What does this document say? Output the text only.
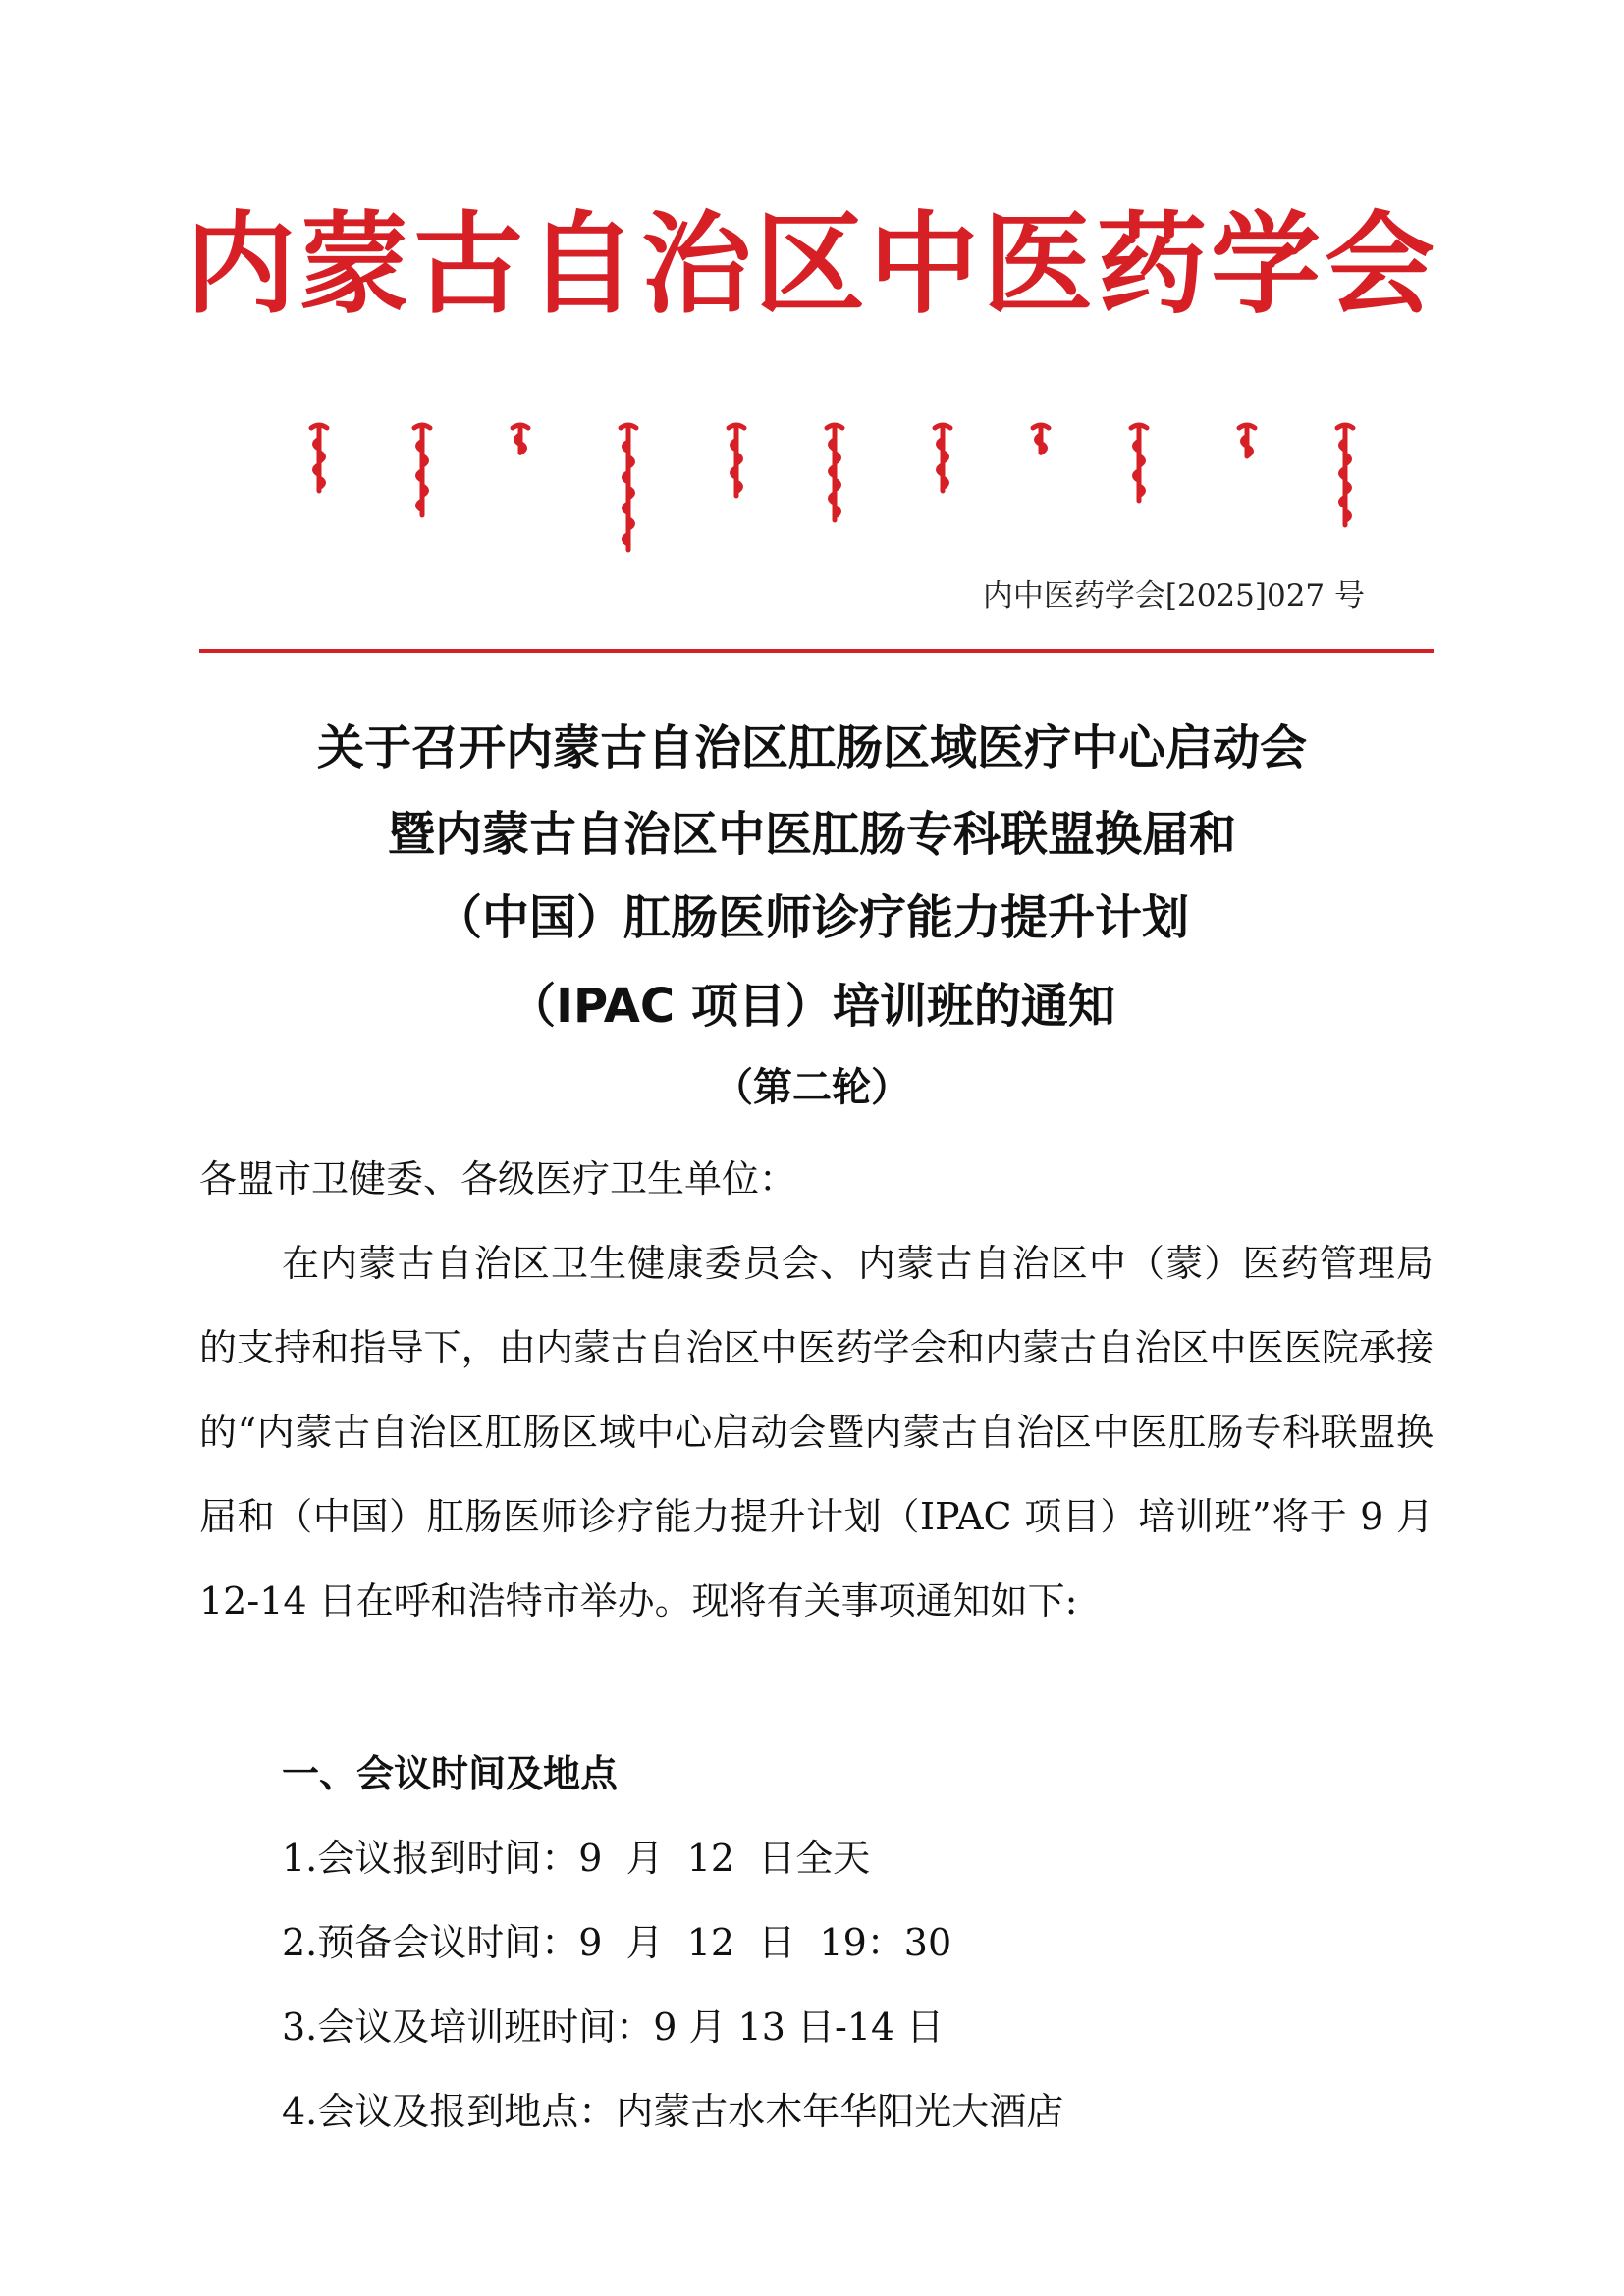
内蒙古自治区中医药学会
内中医药学会[2025]027 号
关于召开内蒙古自治区肛肠区域医疗中心启动会
暨内蒙古自治区中医肛肠专科联盟换届和
（中国）肛肠医师诊疗能力提升计划
（IPAC 项目）培训班的通知
（第二轮）
各盟市卫健委、各级医疗卫生单位：
在内蒙古自治区卫生健康委员会、内蒙古自治区中（蒙）医药管理局的支持和指导下，由内蒙古自治区中医药学会和内蒙古自治区中医医院承接的“内蒙古自治区肛肠区域中心启动会暨内蒙古自治区中医肛肠专科联盟换届和（中国）肛肠医师诊疗能力提升计划（IPAC 项目）培训班”将于 9 月 12-14 日在呼和浩特市举办。现将有关事项通知如下:
一、会议时间及地点
1.会议报到时间：9  月  12  日全天
2.预备会议时间：9  月  12  日  19：30
3.会议及培训班时间：9 月 13 日-14 日
4.会议及报到地点：内蒙古水木年华阳光大酒店
